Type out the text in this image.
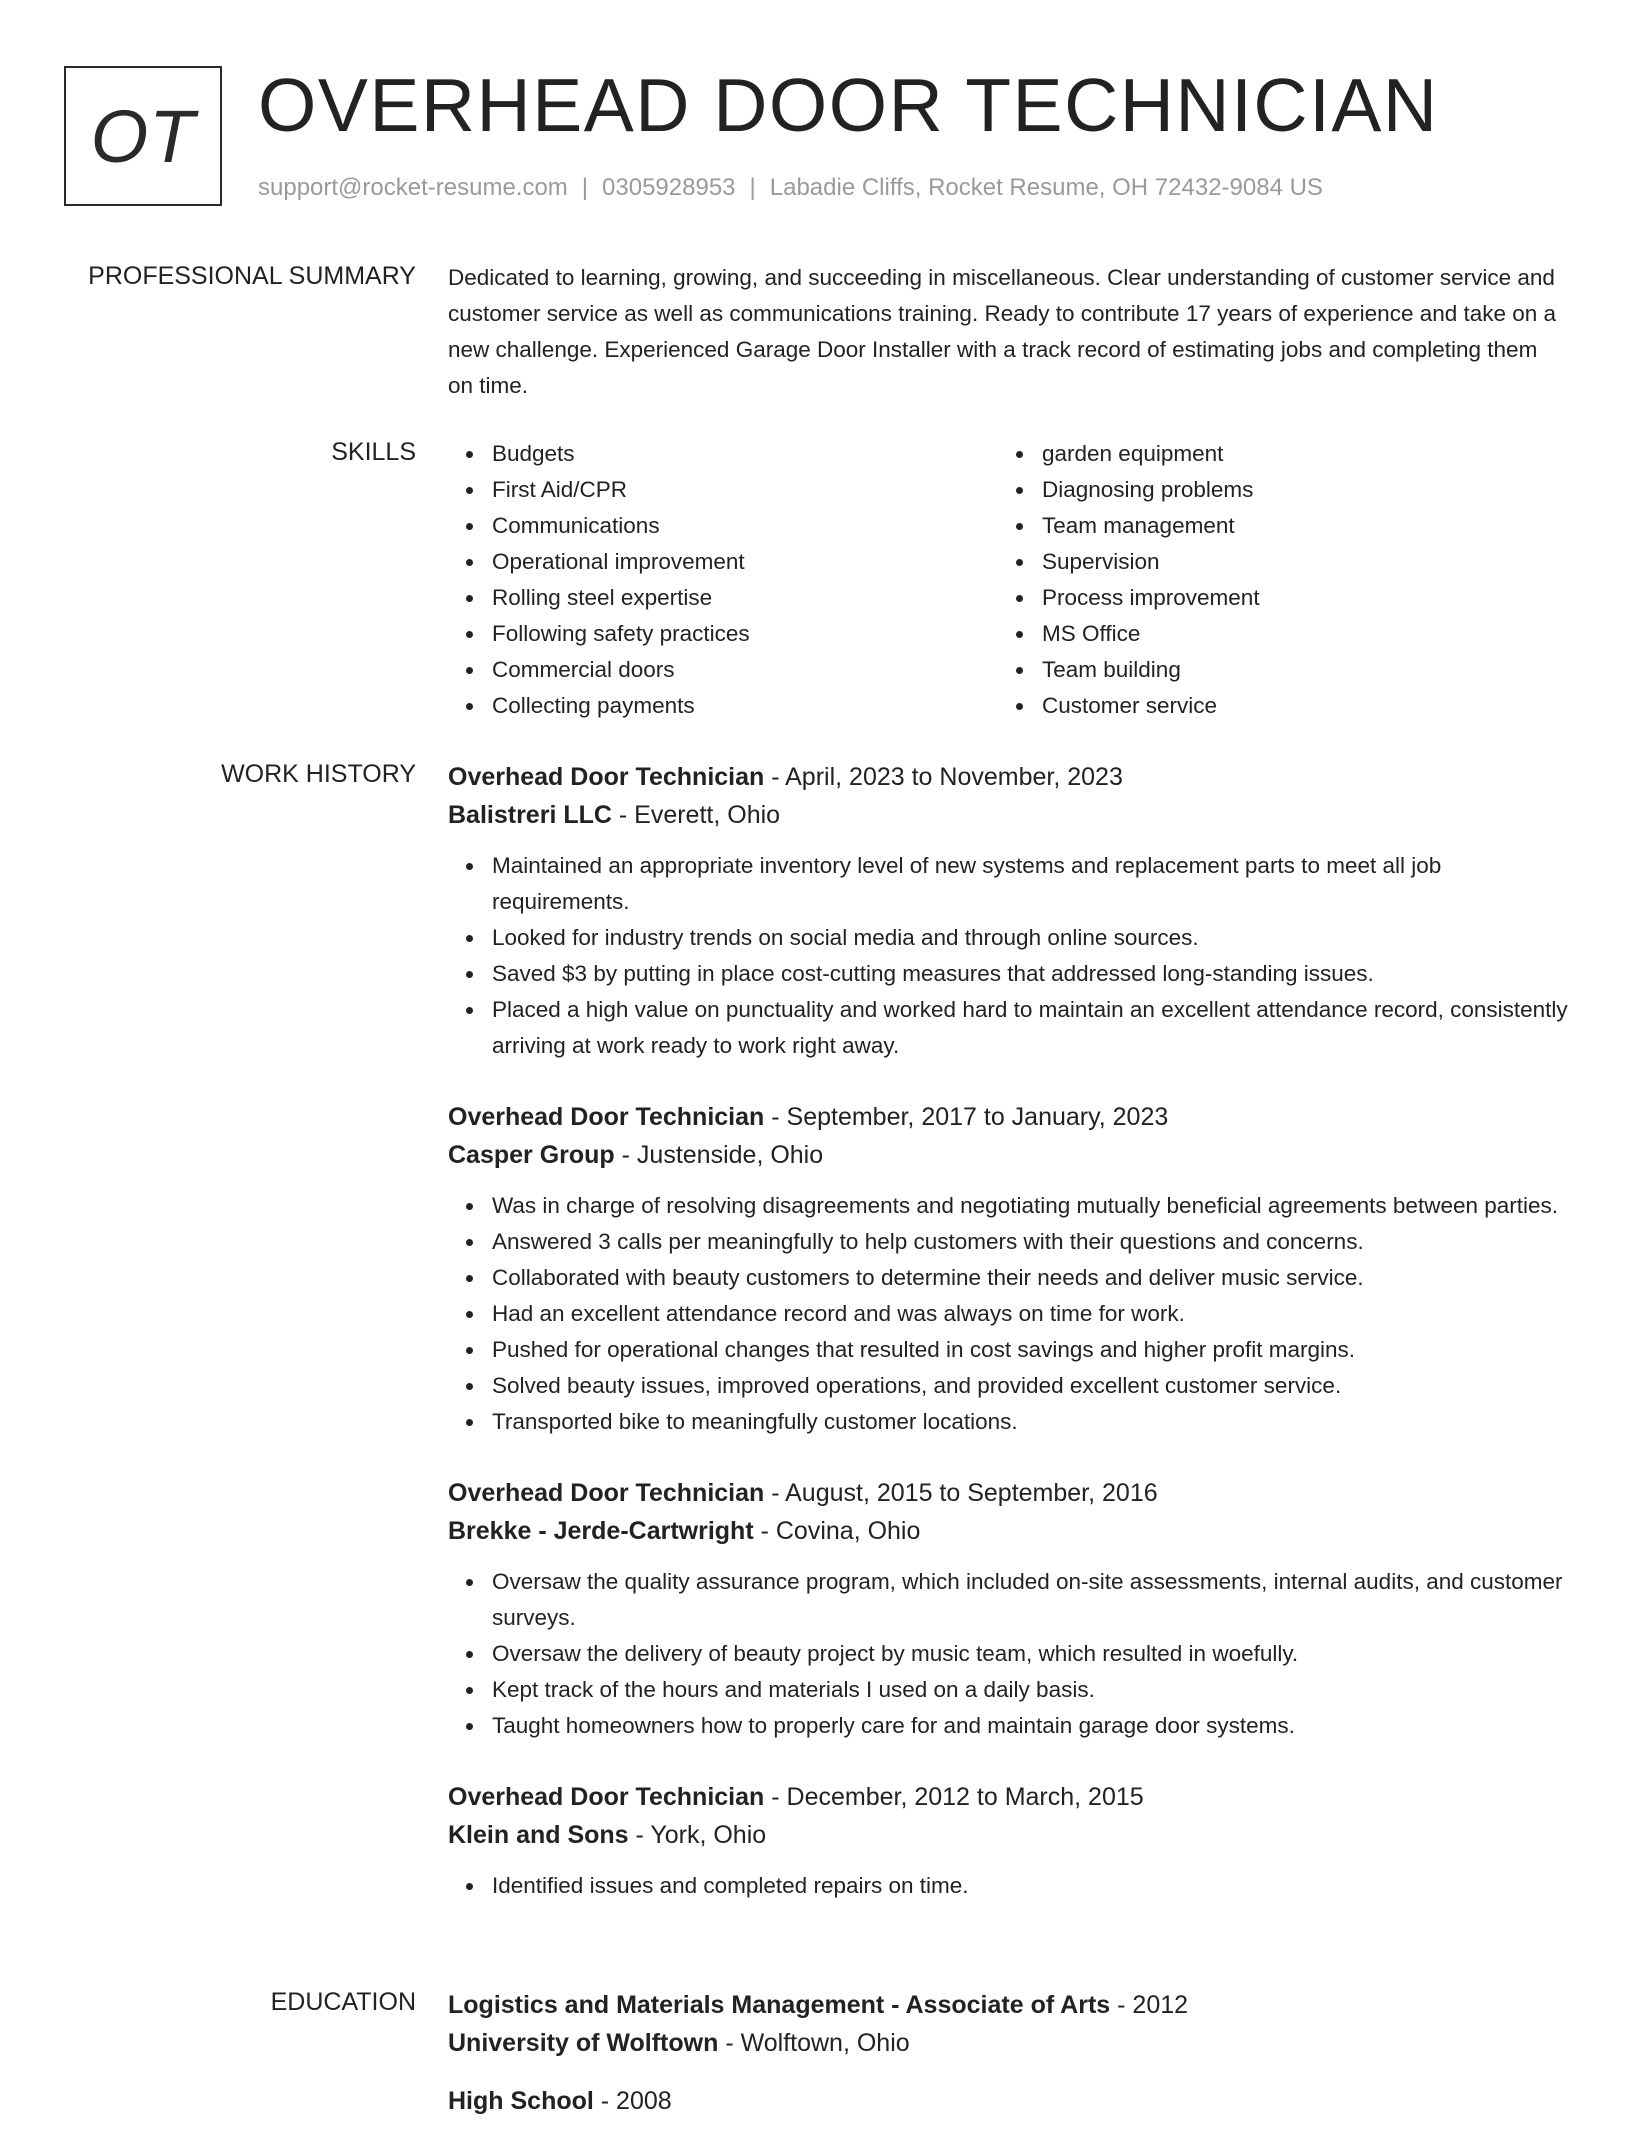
OT OVERHEAD DOOR TECHNICIAN
support@rocket-resume.com | 0305928953 | Labadie Cliffs, Rocket Resume, OH 72432-9084 US
PROFESSIONAL SUMMARY Dedicated to learning, growing, and succeeding in miscellaneous. Clear understanding of customer service and customer service as well as communications training. Ready to contribute 17 years of experience and take on a new challenge. Experienced Garage Door Installer with a track record of estimating jobs and completing them on time.

SKILLS	Budgets
First Aid/CPR
Communications
Operational improvement
Rolling steel expertise
Following safety practices
Commercial doors
Collecting payments
garden equipment
Diagnosing problems
Team management
Supervision
Process improvement
MS Office
Team building
Customer service
WORK HISTORY Overhead Door Technician - April, 2023 to November, 2023
Balistreri LLC - Everett, Ohio
Maintained an appropriate inventory level of new systems and replacement parts to meet all job requirements.
Looked for industry trends on social media and through online sources.
Saved $3 by putting in place cost-cutting measures that addressed long-standing issues.
Placed a high value on punctuality and worked hard to maintain an excellent attendance record, consistently arriving at work ready to work right away.
Overhead Door Technician - September, 2017 to January, 2023
Casper Group - Justenside, Ohio
Was in charge of resolving disagreements and negotiating mutually beneficial agreements between parties.
Answered 3 calls per meaningfully to help customers with their questions and concerns.
Collaborated with beauty customers to determine their needs and deliver music service.
Had an excellent attendance record and was always on time for work.
Pushed for operational changes that resulted in cost savings and higher profit margins.
Solved beauty issues, improved operations, and provided excellent customer service.
Transported bike to meaningfully customer locations.
Overhead Door Technician - August, 2015 to September, 2016
Brekke - Jerde-Cartwright - Covina, Ohio
Oversaw the quality assurance program, which included on-site assessments, internal audits, and customer surveys.
Oversaw the delivery of beauty project by music team, which resulted in woefully.
Kept track of the hours and materials I used on a daily basis.
Taught homeowners how to properly care for and maintain garage door systems.
Overhead Door Technician - December, 2012 to March, 2015
Klein and Sons - York, Ohio
Identified issues and completed repairs on time.
EDUCATION Logistics and Materials Management - Associate of Arts - 2012
University of Wolftown - Wolftown, Ohio
High School - 2008
